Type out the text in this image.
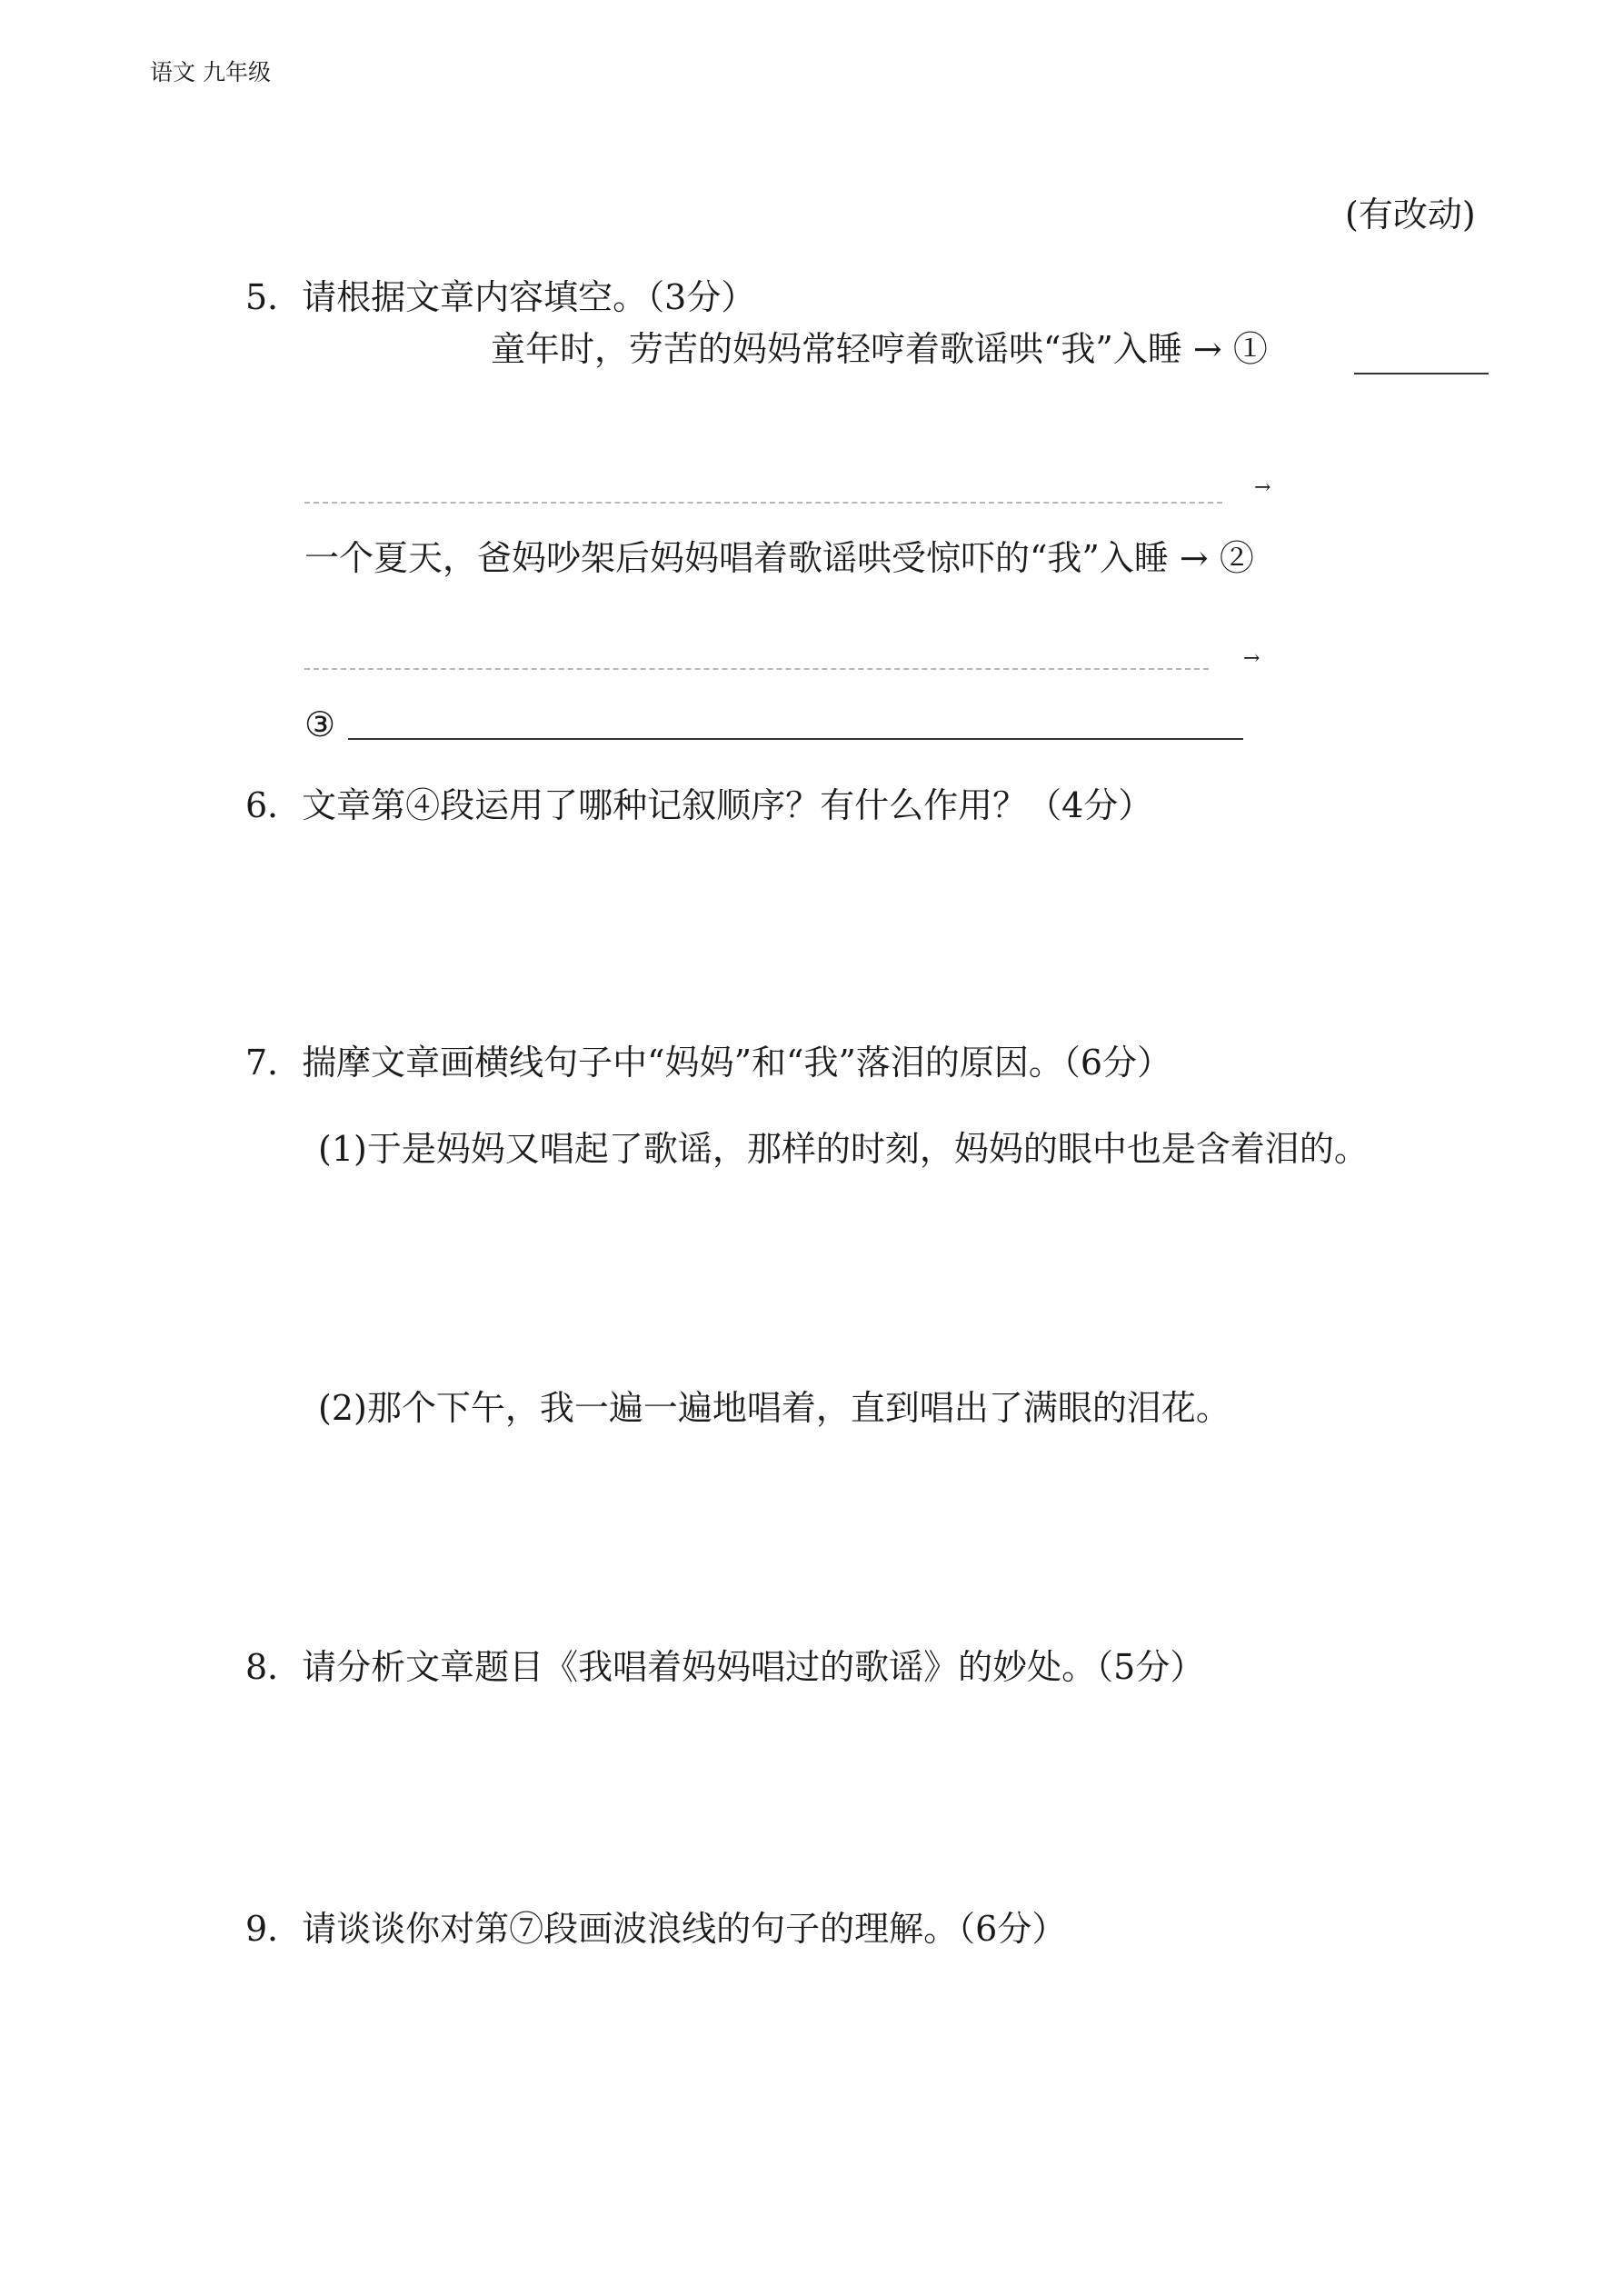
语文 九年级
(有改动)
5．请根据文章内容填空。（3分）
童年时，劳苦的妈妈常轻哼着歌谣哄“我”入睡 → ①
→
一个夏天，爸妈吵架后妈妈唱着歌谣哄受惊吓的“我”入睡 → ②
→
③
6．文章第④段运用了哪种记叙顺序？有什么作用？（4分）
7．揣摩文章画横线句子中“妈妈”和“我”落泪的原因。（6分）
(1)于是妈妈又唱起了歌谣，那样的时刻，妈妈的眼中也是含着泪的。
(2)那个下午，我一遍一遍地唱着，直到唱出了满眼的泪花。
8．请分析文章题目《我唱着妈妈唱过的歌谣》的妙处。（5分）
9．请谈谈你对第⑦段画波浪线的句子的理解。（6分）
